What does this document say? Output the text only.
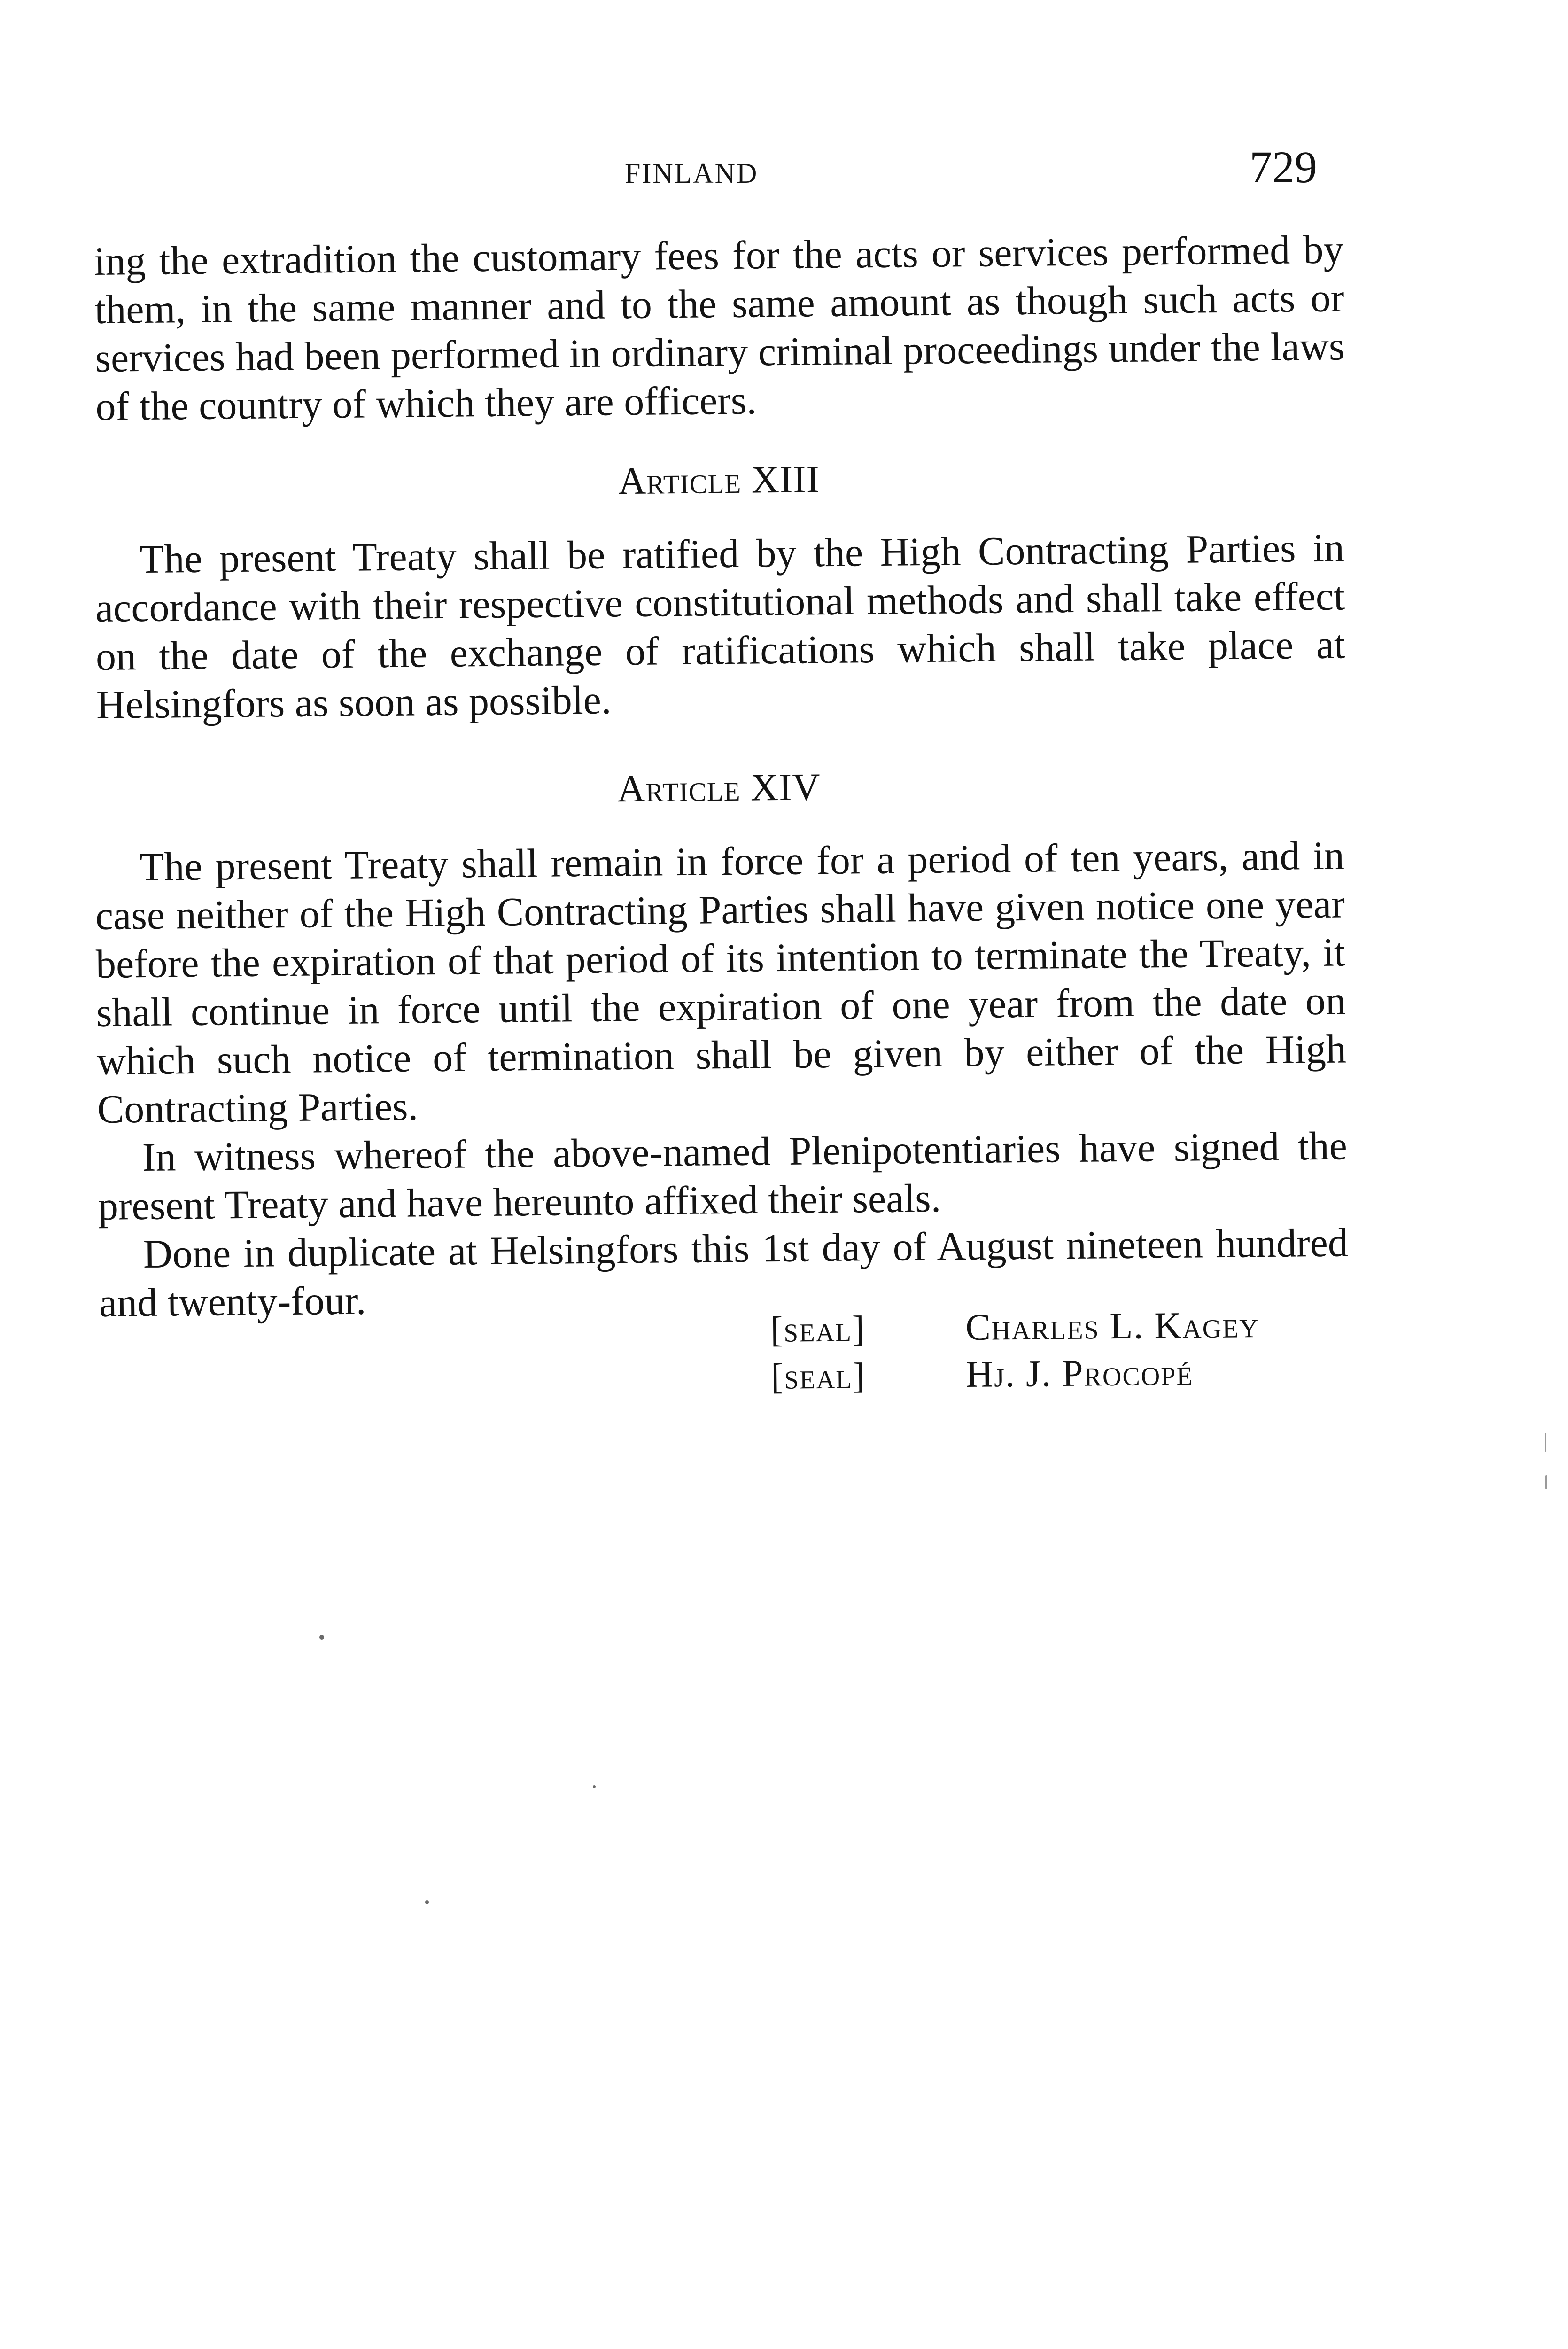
FINLAND	729

ing the extradition the customary fees for the acts or services performed by them, in the same manner and to the same amount as though such acts or services had been performed in ordinary criminal proceedings under the laws of the country of which they are officers.

Article XIII

The present Treaty shall be ratified by the High Contracting Parties in accordance with their respective constitutional methods and shall take effect on the date of the exchange of ratifications which shall take place at Helsingfors as soon as possible.

Article XIV

The present Treaty shall remain in force for a period of ten years, and in case neither of the High Contracting Parties shall have given notice one year before the expiration of that period of its intention to terminate the Treaty, it shall continue in force until the expiration of one year from the date on which such notice of termination shall be given by either of the High Contracting Parties.

In witness whereof the above-named Plenipotentiaries have signed the present Treaty and have hereunto affixed their seals.

Done in duplicate at Helsingfors this 1st day of August nineteen hundred and twenty-four.

[seal]	Charles L. Kagey
[seal]	Hj. J. Procopé
